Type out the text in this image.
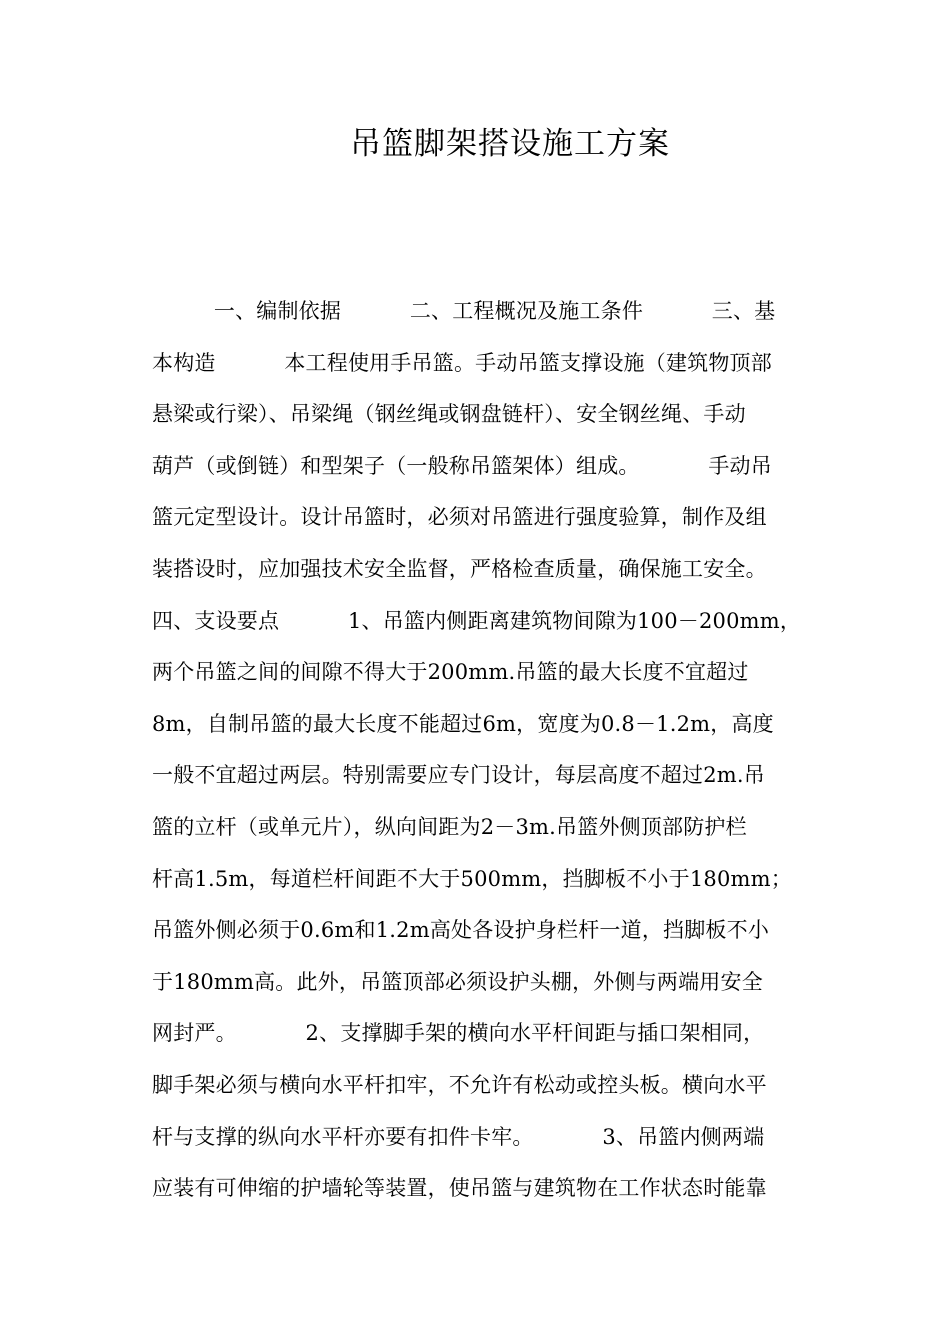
吊篮脚架搭设施工方案
一、编制依据          二、工程概况及施工条件          三、基
本构造          本工程使用手吊篮。手动吊篮支撑设施（建筑物顶部
悬梁或行梁）、吊梁绳（钢丝绳或钢盘链杆）、安全钢丝绳、手动
葫芦（或倒链）和型架子（一般称吊篮架体）组成。          手动吊
篮元定型设计。设计吊篮时，必须对吊篮进行强度验算，制作及组
装搭设时，应加强技术安全监督，严格检查质量，确保施工安全。
四、支设要点          1、吊篮内侧距离建筑物间隙为100－200mm，
两个吊篮之间的间隙不得大于200mm.吊篮的最大长度不宜超过
8m，自制吊篮的最大长度不能超过6m，宽度为0.8－1.2m，高度
一般不宜超过两层。特别需要应专门设计，每层高度不超过2m.吊
篮的立杆（或单元片），纵向间距为2－3m.吊篮外侧顶部防护栏
杆高1.5m，每道栏杆间距不大于500mm，挡脚板不小于180mm；
吊篮外侧必须于0.6m和1.2m高处各设护身栏杆一道，挡脚板不小
于180mm高。此外，吊篮顶部必须设护头棚，外侧与两端用安全
网封严。          2、支撑脚手架的横向水平杆间距与插口架相同，
脚手架必须与横向水平杆扣牢，不允许有松动或控头板。横向水平
杆与支撑的纵向水平杆亦要有扣件卡牢。          3、吊篮内侧两端
应装有可伸缩的护墙轮等装置，使吊篮与建筑物在工作状态时能靠
